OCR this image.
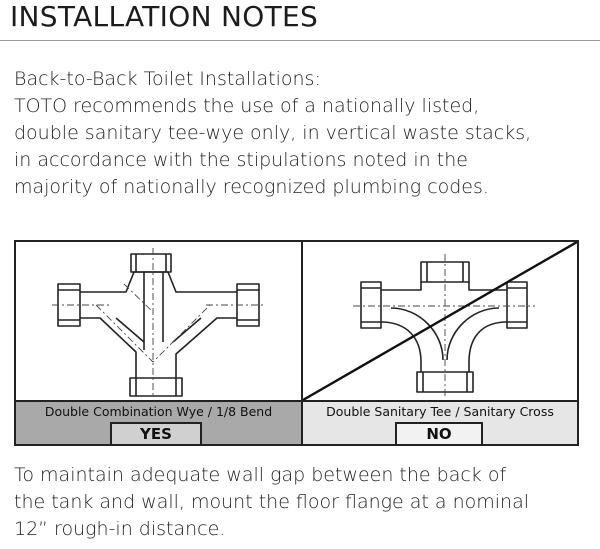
INSTALLATION NOTES
Back-to-Back Toilet Installations:
TOTO recommends the use of a nationally listed,
double sanitary tee-wye only, in vertical waste stacks,
in accordance with the stipulations noted in the
majority of nationally recognized plumbing codes.
Double Combination Wye / 1/8 Bend
YES
Double Sanitary Tee / Sanitary Cross
NO
To maintain adequate wall gap between the back of
the tank and wall, mount the floor flange at a nominal
12” rough-in distance.
